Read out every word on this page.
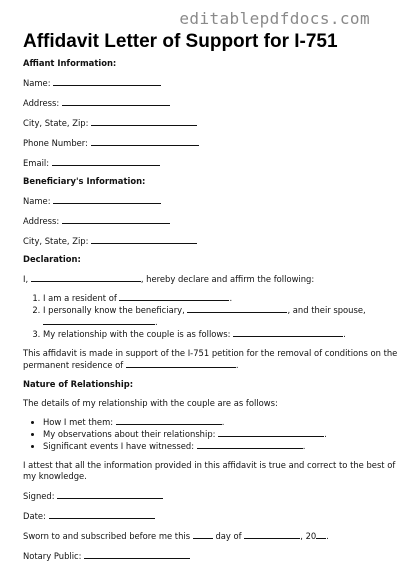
editablepdfdocs.com
Affidavit Letter of Support for I-751

Affiant Information:

Name:

Address:

City, State, Zip:

Phone Number:

Email:

Beneficiary's Information:

Name:

Address:

City, State, Zip:

Declaration:

I,	, hereby declare and affirm the following:

1. I am a resident of	.
2. I personally know the beneficiary,	, and their spouse,
.
3. My relationship with the couple is as follows:	.

This affidavit is made in support of the I-751 petition for the removal of conditions on the

permanent residence of	.

Nature of Relationship:

The details of my relationship with the couple are as follows:

• How I met them:	.
• My observations about their relationship:	.
• Significant events I have witnessed:	.

I attest that all the information provided in this affidavit is true and correct to the best of

my knowledge.

Signed:

Date:

Sworn to and subscribed before me this	day of	, 20 .

Notary Public:
